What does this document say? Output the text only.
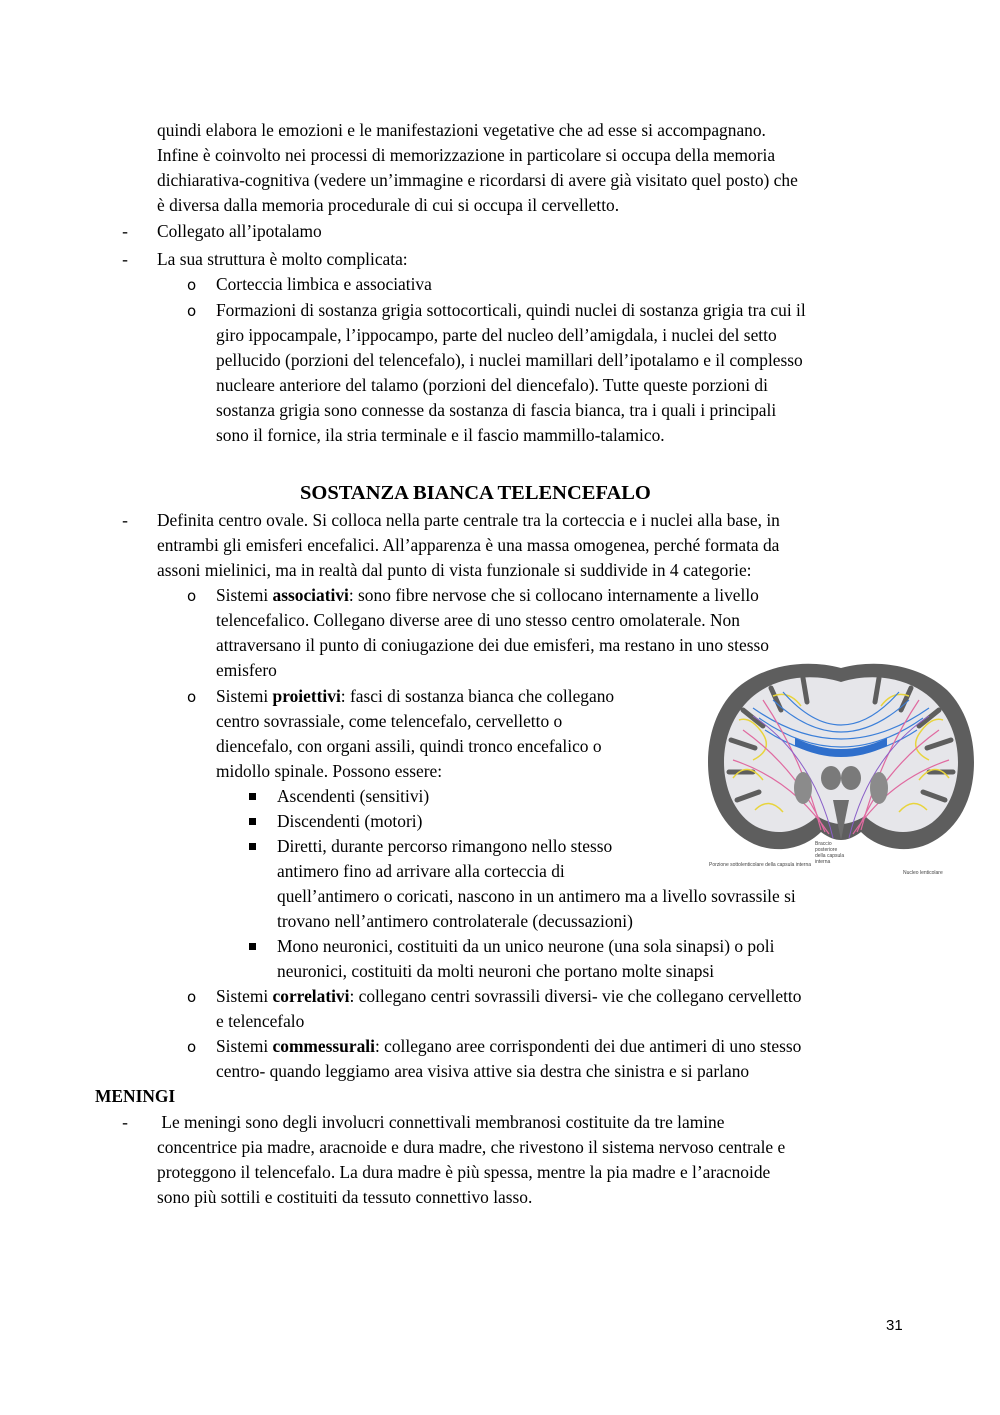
quindi elabora le emozioni e le manifestazioni vegetative che ad esse si accompagnano.
Infine è coinvolto nei processi di memorizzazione in particolare si occupa della memoria
dichiarativa-cognitiva (vedere un’immagine e ricordarsi di avere già visitato quel posto) che
è diversa dalla memoria procedurale di cui si occupa il cervelletto.
- Collegato all’ipotalamo
- La sua struttura è molto complicata:
o Corteccia limbica e associativa
o Formazioni di sostanza grigia sottocorticali, quindi nuclei di sostanza grigia tra cui il
giro ippocampale, l’ippocampo, parte del nucleo dell’amigdala, i nuclei del setto
pellucido (porzioni del telencefalo), i nuclei mamillari dell’ipotalamo e il complesso
nucleare anteriore del talamo (porzioni del diencefalo). Tutte queste porzioni di
sostanza grigia sono connesse da sostanza di fascia bianca, tra i quali i principali
sono il fornice, ila stria terminale e il fascio mammillo-talamico.
SOSTANZA BIANCA TELENCEFALO
- Definita centro ovale. Si colloca nella parte centrale tra la corteccia e i nuclei alla base, in
entrambi gli emisferi encefalici. All’apparenza è una massa omogenea, perché formata da
assoni mielinici, ma in realtà dal punto di vista funzionale si suddivide in 4 categorie:
o Sistemi associativi: sono fibre nervose che si collocano internamente a livello
telencefalico. Collegano diverse aree di uno stesso centro omolaterale. Non
attraversano il punto di coniugazione dei due emisferi, ma restano in uno stesso
emisfero
o Sistemi proiettivi: fasci di sostanza bianca che collegano
centro sovrassiale, come telencefalo, cervelletto o
diencefalo, con organi assili, quindi tronco encefalico o
midollo spinale. Possono essere:
Ascendenti (sensitivi)
Discendenti (motori)
Diretti, durante percorso rimangono nello stesso
antimero fino ad arrivare alla corteccia di
quell’antimero o coricati, nascono in un antimero ma a livello sovrassile si
trovano nell’antimero controlaterale (decussazioni)
Mono neuronici, costituiti da un unico neurone (una sola sinapsi) o poli
neuronici, costituiti da molti neuroni che portano molte sinapsi
o Sistemi correlativi: collegano centri sovrassili diversi- vie che collegano cervelletto
e telencefalo
o Sistemi commessurali: collegano aree corrispondenti dei due antimeri di uno stesso
centro- quando leggiamo area visiva attive sia destra che sinistra e si parlano
Braccio
posteriore
della capsula
interna
Porzione sottolenticolare della capsula interna
Nucleo lenticolare
MENINGI
- Le meningi sono degli involucri connettivali membranosi costituite da tre lamine
concentrice pia madre, aracnoide e dura madre, che rivestono il sistema nervoso centrale e
proteggono il telencefalo. La dura madre è più spessa, mentre la pia madre e l’aracnoide
sono più sottili e costituiti da tessuto connettivo lasso.
31
